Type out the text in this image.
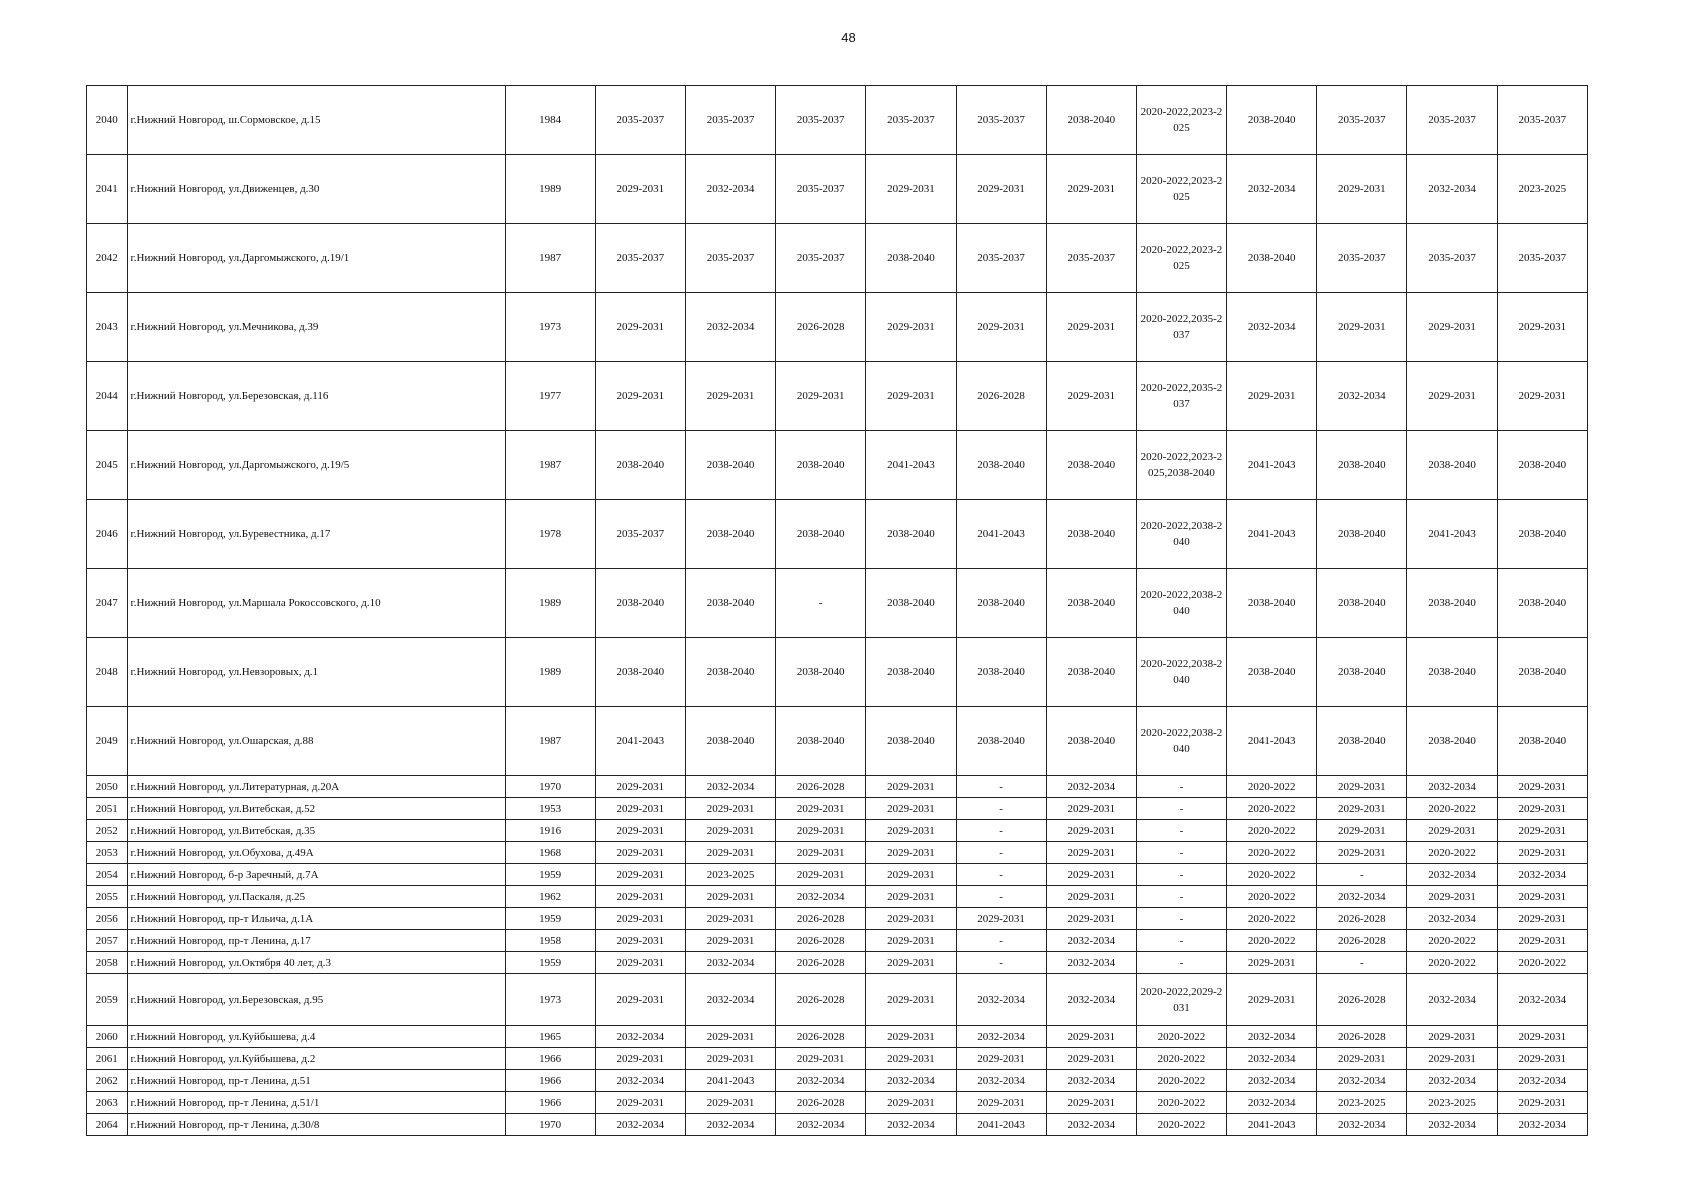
48
2040	г.Нижний Новгород, ш.Сормовское, д.15	1984	2035-2037	2035-2037	2035-2037	2035-2037	2035-2037	2038-2040	2020-2022,2023-2025	2038-2040	2035-2037	2035-2037	2035-2037
2041	г.Нижний Новгород, ул.Движенцев, д.30	1989	2029-2031	2032-2034	2035-2037	2029-2031	2029-2031	2029-2031	2020-2022,2023-2025	2032-2034	2029-2031	2032-2034	2023-2025
2042	г.Нижний Новгород, ул.Даргомыжского, д.19/1	1987	2035-2037	2035-2037	2035-2037	2038-2040	2035-2037	2035-2037	2020-2022,2023-2025	2038-2040	2035-2037	2035-2037	2035-2037
2043	г.Нижний Новгород, ул.Мечникова, д.39	1973	2029-2031	2032-2034	2026-2028	2029-2031	2029-2031	2029-2031	2020-2022,2035-2037	2032-2034	2029-2031	2029-2031	2029-2031
2044	г.Нижний Новгород, ул.Березовская, д.116	1977	2029-2031	2029-2031	2029-2031	2029-2031	2026-2028	2029-2031	2020-2022,2035-2037	2029-2031	2032-2034	2029-2031	2029-2031
2045	г.Нижний Новгород, ул.Даргомыжского, д.19/5	1987	2038-2040	2038-2040	2038-2040	2041-2043	2038-2040	2038-2040	2020-2022,2023-2025,2038-2040	2041-2043	2038-2040	2038-2040	2038-2040
2046	г.Нижний Новгород, ул.Буревестника, д.17	1978	2035-2037	2038-2040	2038-2040	2038-2040	2041-2043	2038-2040	2020-2022,2038-2040	2041-2043	2038-2040	2041-2043	2038-2040
2047	г.Нижний Новгород, ул.Маршала Рокоссовского, д.10	1989	2038-2040	2038-2040	-	2038-2040	2038-2040	2038-2040	2020-2022,2038-2040	2038-2040	2038-2040	2038-2040	2038-2040
2048	г.Нижний Новгород, ул.Невзоровых, д.1	1989	2038-2040	2038-2040	2038-2040	2038-2040	2038-2040	2038-2040	2020-2022,2038-2040	2038-2040	2038-2040	2038-2040	2038-2040
2049	г.Нижний Новгород, ул.Ошарская, д.88	1987	2041-2043	2038-2040	2038-2040	2038-2040	2038-2040	2038-2040	2020-2022,2038-2040	2041-2043	2038-2040	2038-2040	2038-2040
2050	г.Нижний Новгород, ул.Литературная, д.20А	1970	2029-2031	2032-2034	2026-2028	2029-2031	-	2032-2034	-	2020-2022	2029-2031	2032-2034	2029-2031
2051	г.Нижний Новгород, ул.Витебская, д.52	1953	2029-2031	2029-2031	2029-2031	2029-2031	-	2029-2031	-	2020-2022	2029-2031	2020-2022	2029-2031
2052	г.Нижний Новгород, ул.Витебская, д.35	1916	2029-2031	2029-2031	2029-2031	2029-2031	-	2029-2031	-	2020-2022	2029-2031	2029-2031	2029-2031
2053	г.Нижний Новгород, ул.Обухова, д.49А	1968	2029-2031	2029-2031	2029-2031	2029-2031	-	2029-2031	-	2020-2022	2029-2031	2020-2022	2029-2031
2054	г.Нижний Новгород, б-р Заречный, д.7А	1959	2029-2031	2023-2025	2029-2031	2029-2031	-	2029-2031	-	2020-2022	-	2032-2034	2032-2034
2055	г.Нижний Новгород, ул.Паскаля, д.25	1962	2029-2031	2029-2031	2032-2034	2029-2031	-	2029-2031	-	2020-2022	2032-2034	2029-2031	2029-2031
2056	г.Нижний Новгород, пр-т Ильича, д.1А	1959	2029-2031	2029-2031	2026-2028	2029-2031	2029-2031	2029-2031	-	2020-2022	2026-2028	2032-2034	2029-2031
2057	г.Нижний Новгород, пр-т Ленина, д.17	1958	2029-2031	2029-2031	2026-2028	2029-2031	-	2032-2034	-	2020-2022	2026-2028	2020-2022	2029-2031
2058	г.Нижний Новгород, ул.Октября 40 лет, д.3	1959	2029-2031	2032-2034	2026-2028	2029-2031	-	2032-2034	-	2029-2031	-	2020-2022	2020-2022
2059	г.Нижний Новгород, ул.Березовская, д.95	1973	2029-2031	2032-2034	2026-2028	2029-2031	2032-2034	2032-2034	2020-2022,2029-2031	2029-2031	2026-2028	2032-2034	2032-2034
2060	г.Нижний Новгород, ул.Куйбышева, д.4	1965	2032-2034	2029-2031	2026-2028	2029-2031	2032-2034	2029-2031	2020-2022	2032-2034	2026-2028	2029-2031	2029-2031
2061	г.Нижний Новгород, ул.Куйбышева, д.2	1966	2029-2031	2029-2031	2029-2031	2029-2031	2029-2031	2029-2031	2020-2022	2032-2034	2029-2031	2029-2031	2029-2031
2062	г.Нижний Новгород, пр-т Ленина, д.51	1966	2032-2034	2041-2043	2032-2034	2032-2034	2032-2034	2032-2034	2020-2022	2032-2034	2032-2034	2032-2034	2032-2034
2063	г.Нижний Новгород, пр-т Ленина, д.51/1	1966	2029-2031	2029-2031	2026-2028	2029-2031	2029-2031	2029-2031	2020-2022	2032-2034	2023-2025	2023-2025	2029-2031
2064	г.Нижний Новгород, пр-т Ленина, д.30/8	1970	2032-2034	2032-2034	2032-2034	2032-2034	2041-2043	2032-2034	2020-2022	2041-2043	2032-2034	2032-2034	2032-2034
